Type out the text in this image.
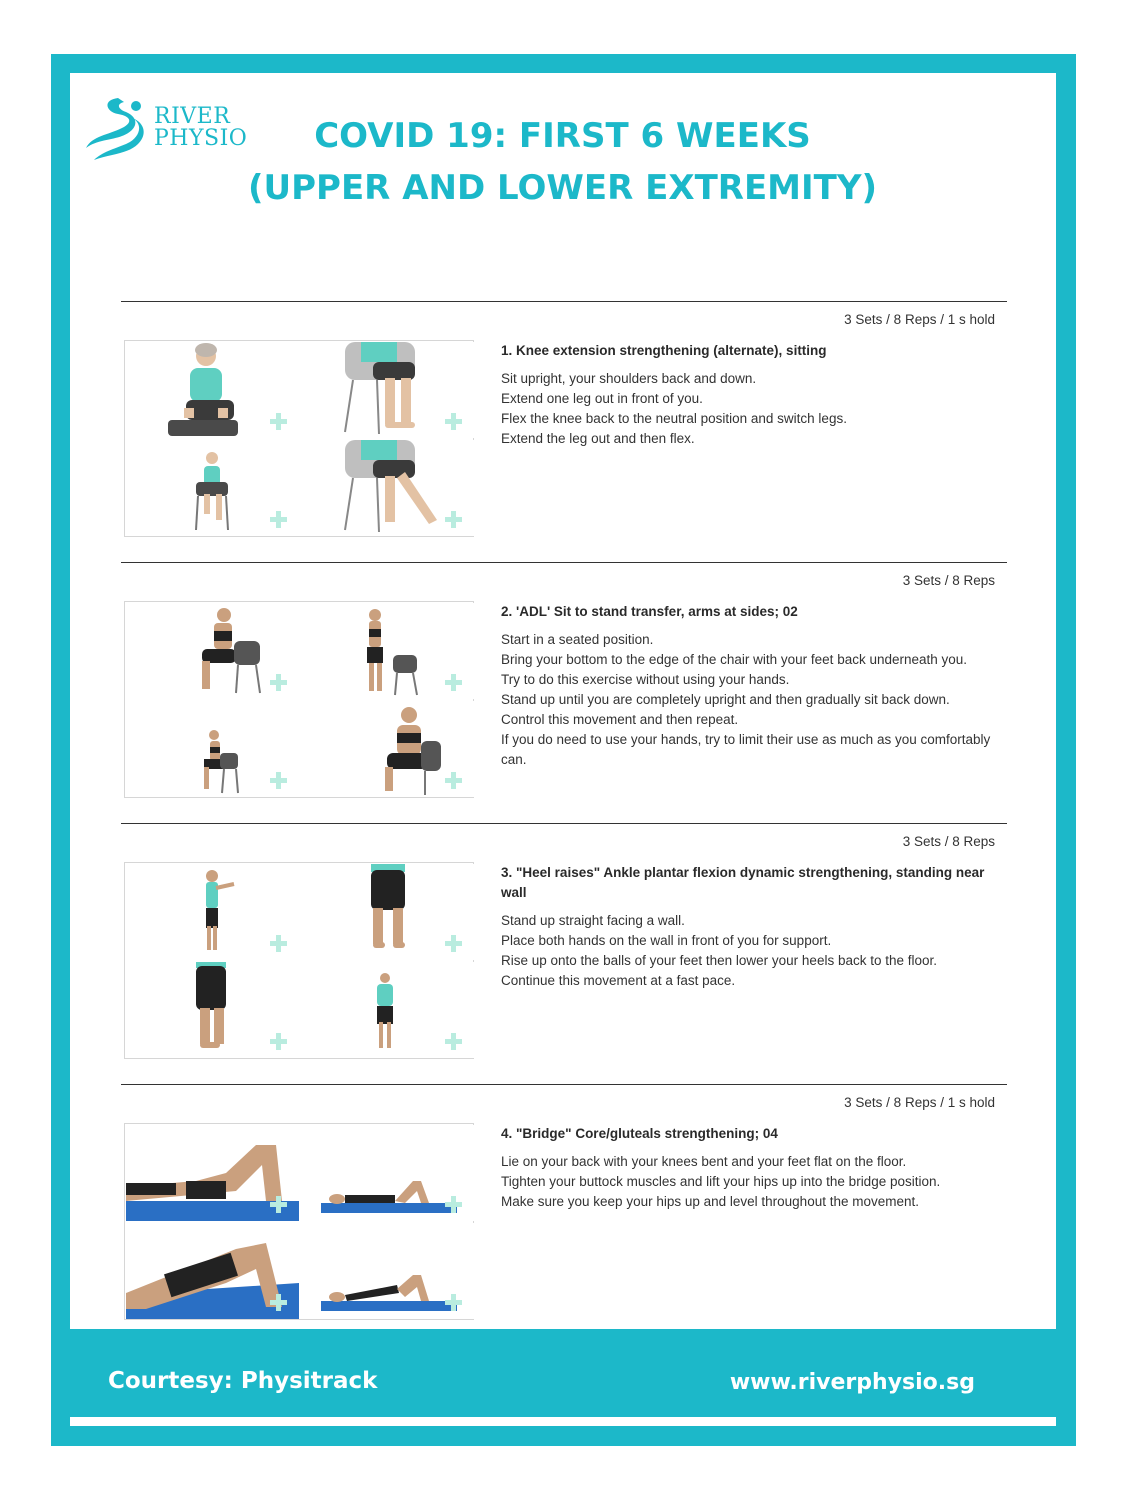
RIVER
PHYSIO	COVID 19: FIRST 6 WEEKS
(UPPER AND LOWER EXTREMITY)
3 Sets / 8 Reps / 1 s hold
1. Knee extension strengthening (alternate), sitting
Sit upright, your shoulders back and down.
Extend one leg out in front of you.
Flex the knee back to the neutral position and switch legs.
Extend the leg out and then flex.
3 Sets / 8 Reps
2. 'ADL' Sit to stand transfer, arms at sides; 02
Start in a seated position.
Bring your bottom to the edge of the chair with your feet back underneath you.
Try to do this exercise without using your hands.
Stand up until you are completely upright and then gradually sit back down.
Control this movement and then repeat.
If you do need to use your hands, try to limit their use as much as you comfortably can.
3 Sets / 8 Reps
3. "Heel raises" Ankle plantar flexion dynamic strengthening, standing near wall
Stand up straight facing a wall.
Place both hands on the wall in front of you for support.
Rise up onto the balls of your feet then lower your heels back to the floor.
Continue this movement at a fast pace.
3 Sets / 8 Reps / 1 s hold
4. "Bridge" Core/gluteals strengthening; 04
Lie on your back with your knees bent and your feet flat on the floor.
Tighten your buttock muscles and lift your hips up into the bridge position.
Make sure you keep your hips up and level throughout the movement.
Courtesy: Physitrack	www.riverphysio.sg
